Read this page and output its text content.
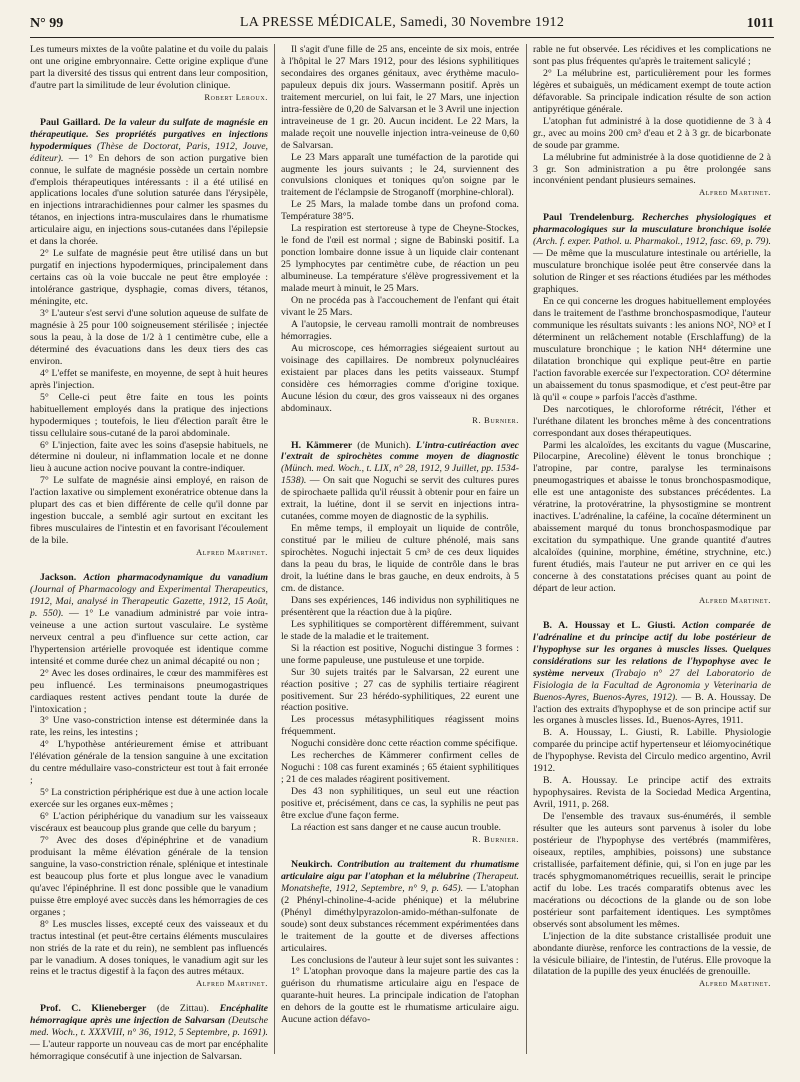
N° 99	LA PRESSE MÉDICALE, Samedi, 30 Novembre 1912	1011

Les tumeurs mixtes de la voûte palatine et du voile du palais ont une origine embryonnaire. Cette origine explique d'une part la diversité des tissus qui entrent dans leur composition, d'autre part la similitude de leur évolution clinique.

Robert Leroux.

Paul Gaillard. De la valeur du sulfate de magnésie en thérapeutique. Ses propriétés purgatives en injections hypodermiques (Thèse de Doctorat, Paris, 1912, Jouve, éditeur). — 1° En dehors de son action purgative bien connue, le sulfate de magnésie possède un certain nombre d'emplois thérapeutiques intéressants : il a été utilisé en applications locales d'une solution saturée dans l'érysipèle, en injections intrarachidiennes pour calmer les spasmes du tétanos, en injections intra-musculaires dans le rhumatisme articulaire aigu, en injections sous-cutanées dans l'épilepsie et dans la chorée.

2° Le sulfate de magnésie peut être utilisé dans un but purgatif en injections hypodermiques, principalement dans certains cas où la voie buccale ne peut être employée : intolérance gastrique, dysphagie, comas divers, tétanos, méningite, etc.

3° L'auteur s'est servi d'une solution aqueuse de sulfate de magnésie à 25 pour 100 soigneusement stérilisée ; injectée sous la peau, à la dose de 1/2 à 1 centimètre cube, elle a déterminé des évacuations dans les deux tiers des cas environ.

4° L'effet se manifeste, en moyenne, de sept à huit heures après l'injection.

5° Celle-ci peut être faite en tous les points habituellement employés dans la pratique des injections hypodermiques ; toutefois, le lieu d'élection paraît être le tissu cellulaire sous-cutané de la paroi abdominale.

6° L'injection, faite avec les soins d'asepsie habituels, ne détermine ni douleur, ni inflammation locale et ne donne lieu à aucune action nocive pouvant la contre-indiquer.

7° Le sulfate de magnésie ainsi employé, en raison de l'action laxative ou simplement exonératrice obtenue dans la plupart des cas et bien différente de celle qu'il donne par ingestion buccale, a semblé agir surtout en excitant les fibres musculaires de l'intestin et en favorisant l'écoulement de la bile.

Alfred Martinet.

Jackson. Action pharmacodynamique du vanadium (Journal of Pharmacology and Experimental Therapeutics, 1912, Mai, analysé in Therapeutic Gazette, 1912, 15 Août, p. 550). — 1° Le vanadium administré par voie intra-veineuse a une action surtout vasculaire. Le système nerveux central a peu d'influence sur cette action, car l'hypertension artérielle provoquée est identique comme intensité et comme durée chez un animal décapité ou non ;

2° Avec les doses ordinaires, le cœur des mammifères est peu influencé. Les terminaisons pneumogastriques cardiaques restent actives pendant toute la durée de l'intoxication ;

3° Une vaso-constriction intense est déterminée dans la rate, les reins, les intestins ;

4° L'hypothèse antérieurement émise et attribuant l'élévation générale de la tension sanguine à une excitation du centre médullaire vaso-constricteur est tout à fait erronée ;

5° La constriction périphérique est due à une action locale exercée sur les organes eux-mêmes ;

6° L'action périphérique du vanadium sur les vaisseaux viscéraux est beaucoup plus grande que celle du baryum ;

7° Avec des doses d'épinéphrine et de vanadium produisant la même élévation générale de la tension sanguine, la vaso-constriction rénale, splénique et intestinale est beaucoup plus forte et plus longue avec le vanadium qu'avec l'épinéphrine. Il est donc possible que le vanadium puisse être employé avec succès dans les hémorragies de ces organes ;

8° Les muscles lisses, excepté ceux des vaisseaux et du tractus intestinal (et peut-être certains éléments musculaires non striés de la rate et du rein), ne semblent pas influencés par le vanadium. A doses toniques, le vanadium agit sur les reins et le tractus digestif à la façon des autres métaux.

Alfred Martinet.

Prof. C. Klieneberger (de Zittau). Encéphalite hémorragique après une injection de Salvarsan (Deutsche med. Woch., t. XXXVIII, n° 36, 1912, 5 Septembre, p. 1691). — L'auteur rapporte un nouveau cas de mort par encéphalite hémorragique consécutif à une injection de Salvarsan.

Il s'agit d'une fille de 25 ans, enceinte de six mois, entrée à l'hôpital le 27 Mars 1912, pour des lésions syphilitiques secondaires des organes génitaux, avec érythème maculo-papuleux depuis dix jours. Wassermann positif. Après un traitement mercuriel, on lui fait, le 27 Mars, une injection intra-fessière de 0,20 de Salvarsan et le 3 Avril une injection intraveineuse de 1 gr. 20. Aucun incident. Le 22 Mars, la malade reçoit une nouvelle injection intra-veineuse de 0,60 de Salvarsan.

Le 23 Mars apparaît une tuméfaction de la parotide qui augmente les jours suivants ; le 24, surviennent des convulsions cloniques et toniques qu'on soigne par le traitement de l'éclampsie de Stroganoff (morphine-chloral).

Le 25 Mars, la malade tombe dans un profond coma. Température 38°5.

La respiration est stertoreuse à type de Cheyne-Stockes, le fond de l'œil est normal ; signe de Babinski positif. La ponction lombaire donne issue à un liquide clair contenant 25 lymphocytes par centimètre cube, de réaction un peu albumineuse. La température s'élève progressivement et la malade meurt à minuit, le 25 Mars.

On ne procéda pas à l'accouchement de l'enfant qui était vivant le 25 Mars.

A l'autopsie, le cerveau ramolli montrait de nombreuses hémorragies.

Au microscope, ces hémorragies siégeaient surtout au voisinage des capillaires. De nombreux polynucléaires existaient par places dans les petits vaisseaux. Stumpf considère ces hémorragies comme d'origine toxique. Aucune lésion du cœur, des gros vaisseaux ni des organes abdominaux.

R. Burnier.

H. Kämmerer (de Munich). L'intra-cutiréaction avec l'extrait de spirochètes comme moyen de diagnostic (Münch. med. Woch., t. LIX, n° 28, 1912, 9 Juillet, pp. 1534-1538). — On sait que Noguchi se servit des cultures pures de spirochaete pallida qu'il réussit à obtenir pour en faire un extrait, la luétine, dont il se servit en injections intra-cutanées, comme moyen de diagnostic de la syphilis.

En même temps, il employait un liquide de contrôle, constitué par le milieu de culture phénolé, mais sans spirochètes. Noguchi injectait 5 cm³ de ces deux liquides dans la peau du bras, le liquide de contrôle dans le bras droit, la luétine dans le bras gauche, en deux endroits, à 5 cm. de distance.

Dans ses expériences, 146 individus non syphilitiques ne présentèrent que la réaction due à la piqûre.

Les syphilitiques se comportèrent différemment, suivant le stade de la maladie et le traitement.

Si la réaction est positive, Noguchi distingue 3 formes : une forme papuleuse, une pustuleuse et une torpide.

Sur 30 sujets traités par le Salvarsan, 22 eurent une réaction positive ; 27 cas de syphilis tertiaire réagirent positivement. Sur 23 hérédo-syphilitiques, 22 eurent une réaction positive.

Les processus métasyphilitiques réagissent moins fréquemment.

Noguchi considère donc cette réaction comme spécifique.

Les recherches de Kämmerer confirment celles de Noguchi : 108 cas furent examinés ; 65 étaient syphilitiques ; 21 de ces malades réagirent positivement.

Des 43 non syphilitiques, un seul eut une réaction positive et, précisément, dans ce cas, la syphilis ne peut pas être exclue d'une façon ferme.

La réaction est sans danger et ne cause aucun trouble.

R. Burnier.

Neukirch. Contribution au traitement du rhumatisme articulaire aigu par l'atophan et la mélubrine (Therapeut. Monatshefte, 1912, Septembre, n° 9, p. 645). — L'atophan (2 Phényl-chinoline-4-acide phénique) et la mélubrine (Phényl diméthylpyrazolon-amido-méthan-sulfonate de soude) sont deux substances récemment expérimentées dans le traitement de la goutte et de diverses affections articulaires.

Les conclusions de l'auteur à leur sujet sont les suivantes :

1° L'atophan provoque dans la majeure partie des cas la guérison du rhumatisme articulaire aigu en l'espace de quarante-huit heures. La principale indication de l'atophan en dehors de la goutte est le rhumatisme articulaire aigu. Aucune action défavo-

rable ne fut observée. Les récidives et les complications ne sont pas plus fréquentes qu'après le traitement salicylé ;

2° La mélubrine est, particulièrement pour les formes légères et subaiguës, un médicament exempt de toute action défavorable. Sa principale indication résulte de son action antipyrétique générale.

L'atophan fut administré à la dose quotidienne de 3 à 4 gr., avec au moins 200 cm³ d'eau et 2 à 3 gr. de bicarbonate de soude par gramme.

La mélubrine fut administrée à la dose quotidienne de 2 à 3 gr. Son administration a pu être prolongée sans inconvénient pendant plusieurs semaines.

Alfred Martinet.

Paul Trendelenburg. Recherches physiologiques et pharmacologiques sur la musculature bronchique isolée (Arch. f. exper. Pathol. u. Pharmakol., 1912, fasc. 69, p. 79). — De même que la musculature intestinale ou artérielle, la musculature bronchique isolée peut être conservée dans la solution de Ringer et ses réactions étudiées par les méthodes graphiques.

En ce qui concerne les drogues habituellement employées dans le traitement de l'asthme bronchospasmodique, l'auteur communique les résultats suivants : les anions NO², NO³ et I déterminent un relâchement notable (Erschlaffung) de la musculature bronchique ; le kation NH⁴ détermine une dilatation bronchique qui explique peut-être en partie l'action favorable exercée sur l'expectoration. CO² détermine un abaissement du tonus spasmodique, et c'est peut-être par là qu'il « coupe » parfois l'accès d'asthme.

Des narcotiques, le chloroforme rétrécit, l'éther et l'uréthane dilatent les bronches même à des concentrations correspondant aux doses thérapeutiques.

Parmi les alcaloïdes, les excitants du vague (Muscarine, Pilocarpine, Arecoline) élèvent le tonus bronchique ; l'atropine, par contre, paralyse les terminaisons pneumogastriques et abaisse le tonus bronchospasmodique, elle est une antagoniste des substances précédentes. La vératrine, la protovératrine, la physostigmine se montrent inactives. L'adrénaline, la caféine, la cocaïne déterminent un abaissement marqué du tonus bronchospasmodique par excitation du sympathique. Une grande quantité d'autres alcaloïdes (quinine, morphine, émétine, strychnine, etc.) furent étudiés, mais l'auteur ne put arriver en ce qui les concerne à des constatations précises quant au point de départ de leur action.

Alfred Martinet.

B. A. Houssay et L. Giusti. Action comparée de l'adrénaline et du principe actif du lobe postérieur de l'hypophyse sur les organes à muscles lisses. Quelques considérations sur les relations de l'hypophyse avec le système nerveux (Trabajo n° 27 del Laboratorio de Fisiologia de la Facultad de Agronomia y Veterinaria de Buenos-Ayres, Buenos-Ayres, 1912). — B. A. Houssay. De l'action des extraits d'hypophyse et de son principe actif sur les organes à muscles lisses. Id., Buenos-Ayres, 1911.

B. A. Houssay, L. Giusti, R. Labille. Physiologie comparée du principe actif hypertenseur et léiomyocinétique de l'hypophyse. Revista del Circulo medico argentino, Avril 1912.

B. A. Houssay. Le principe actif des extraits hypophysaires. Revista de la Sociedad Medica Argentina, Avril, 1911, p. 268.

De l'ensemble des travaux sus-énumérés, il semble résulter que les auteurs sont parvenus à isoler du lobe postérieur de l'hypophyse des vertébrés (mammifères, oiseaux, reptiles, amphibies, poissons) une substance cristallisée, parfaitement définie, qui, si l'on en juge par les tracés sphygmomanométriques recueillis, serait le principe actif du lobe. Les tracés comparatifs obtenus avec les macérations ou décoctions de la glande ou de son lobe postérieur sont parfaitement identiques. Les symptômes observés sont absolument les mêmes.

L'injection de la dite substance cristallisée produit une abondante diurèse, renforce les contractions de la vessie, de la vésicule biliaire, de l'intestin, de l'utérus. Elle provoque la dilatation de la pupille des yeux énucléés de grenouille.

Alfred Martinet.
